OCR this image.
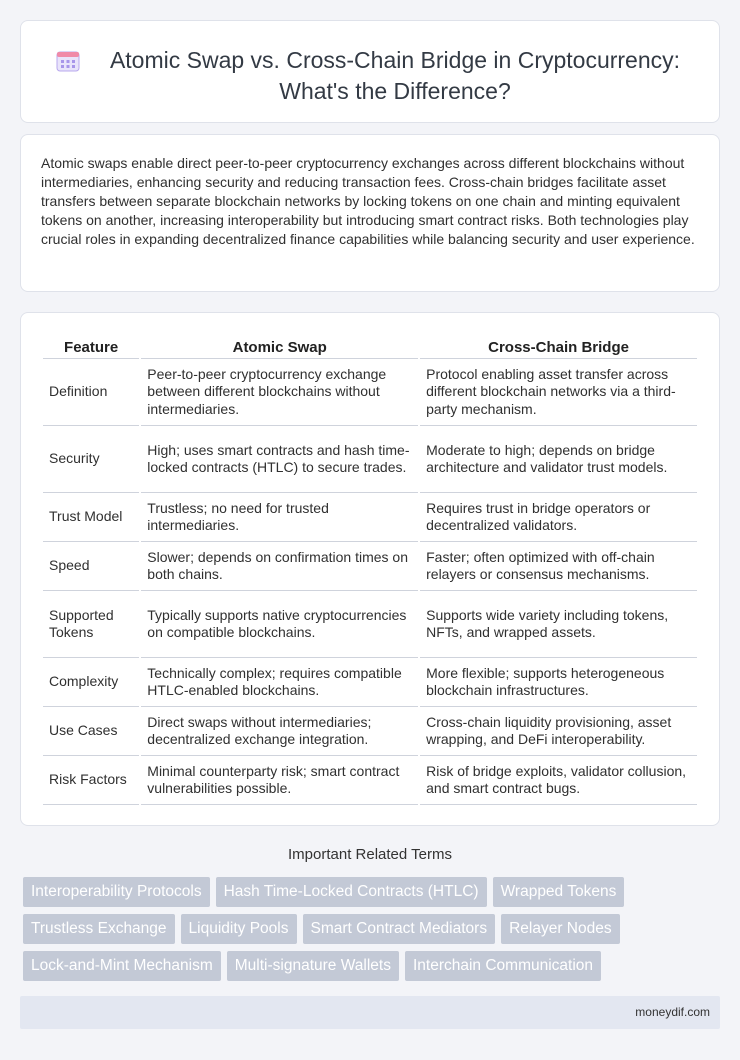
Atomic Swap vs. Cross-Chain Bridge in Cryptocurrency: What's the Difference?

Atomic swaps enable direct peer-to-peer cryptocurrency exchanges across different blockchains without intermediaries, enhancing security and reducing transaction fees. Cross-chain bridges facilitate asset transfers between separate blockchain networks by locking tokens on one chain and minting equivalent tokens on another, increasing interoperability but introducing smart contract risks. Both technologies play crucial roles in expanding decentralized finance capabilities while balancing security and user experience.

Feature	Atomic Swap	Cross-Chain Bridge
Definition	Peer-to-peer cryptocurrency exchange between different blockchains without intermediaries.	Protocol enabling asset transfer across different blockchain networks via a third-party mechanism.
Security	High; uses smart contracts and hash time-locked contracts (HTLC) to secure trades.	Moderate to high; depends on bridge architecture and validator trust models.
Trust Model	Trustless; no need for trusted intermediaries.	Requires trust in bridge operators or decentralized validators.
Speed	Slower; depends on confirmation times on both chains.	Faster; often optimized with off-chain relayers or consensus mechanisms.
Supported Tokens	Typically supports native cryptocurrencies on compatible blockchains.	Supports wide variety including tokens, NFTs, and wrapped assets.
Complexity	Technically complex; requires compatible HTLC-enabled blockchains.	More flexible; supports heterogeneous blockchain infrastructures.
Use Cases	Direct swaps without intermediaries; decentralized exchange integration.	Cross-chain liquidity provisioning, asset wrapping, and DeFi interoperability.
Risk Factors	Minimal counterparty risk; smart contract vulnerabilities possible.	Risk of bridge exploits, validator collusion, and smart contract bugs.
Important Related Terms
Interoperability Protocols	Hash Time-Locked Contracts (HTLC)	Wrapped Tokens
Trustless Exchange	Liquidity Pools	Smart Contract Mediators	Relayer Nodes
Lock-and-Mint Mechanism	Multi-signature Wallets	Interchain Communication
moneydif.com
